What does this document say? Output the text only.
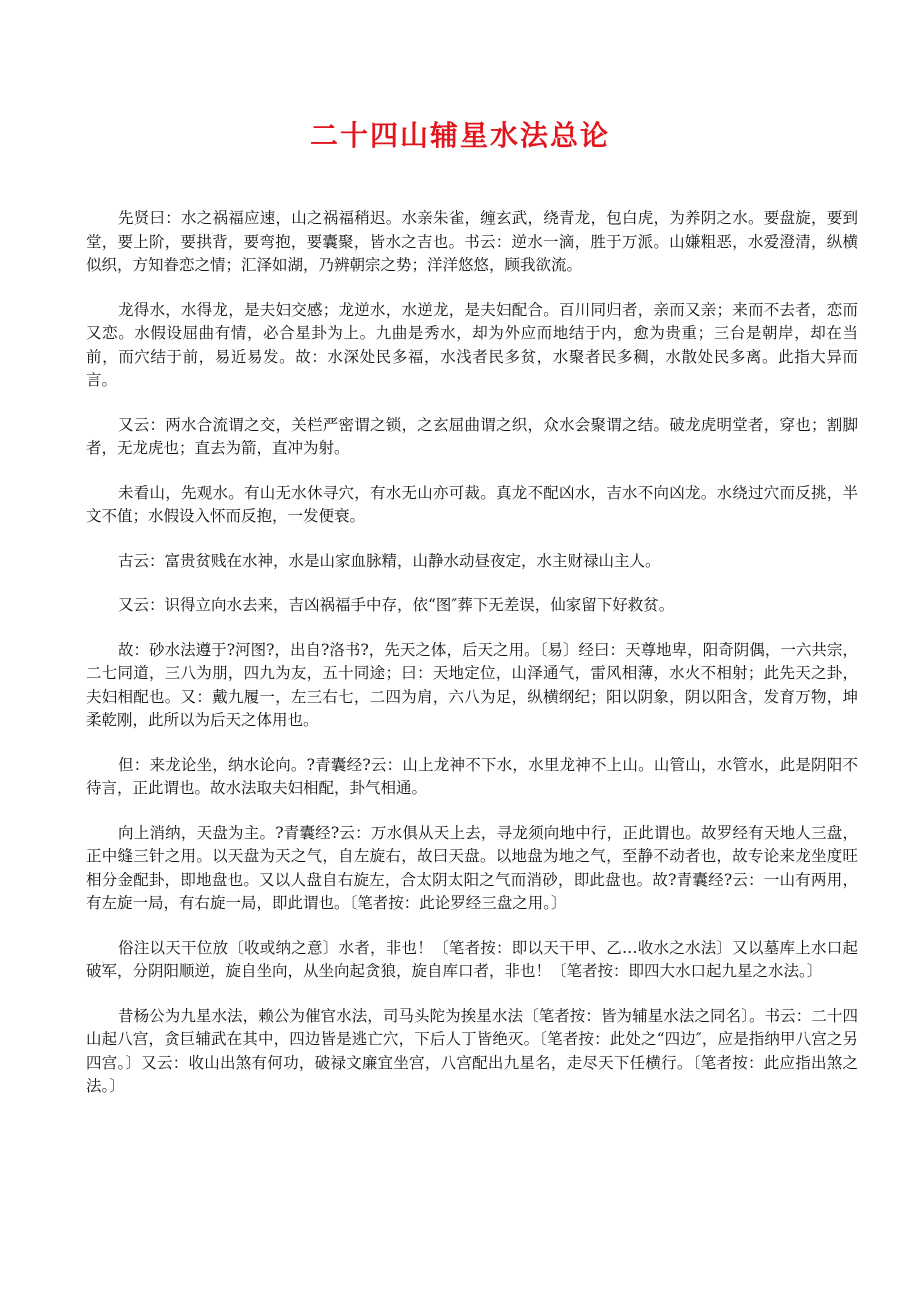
二十四山辅星水法总论

先贤曰：水之祸福应速，山之祸福稍迟。水亲朱雀，缠玄武，绕青龙，包白虎，为养阴之水。要盘旋，要到堂，要上阶，要拱背，要弯抱，要囊聚，皆水之吉也。书云：逆水一滴，胜于万派。山嫌粗恶，水爱澄清，纵横似织，方知眷恋之情；汇泽如湖，乃辨朝宗之势；洋洋悠悠，顾我欲流。

龙得水，水得龙，是夫妇交感；龙逆水，水逆龙，是夫妇配合。百川同归者，亲而又亲；来而不去者，恋而又恋。水假设屈曲有情，必合星卦为上。九曲是秀水，却为外应而地结于内，愈为贵重；三台是朝岸，却在当前，而穴结于前，易近易发。故：水深处民多福，水浅者民多贫，水聚者民多稠，水散处民多离。此指大异而言。

又云：两水合流谓之交，关栏严密谓之锁，之玄屈曲谓之织，众水会聚谓之结。破龙虎明堂者，穿也；割脚者，无龙虎也；直去为箭，直冲为射。

未看山，先观水。有山无水休寻穴，有水无山亦可裁。真龙不配凶水，吉水不向凶龙。水绕过穴而反挑，半文不值；水假设入怀而反抱，一发便衰。

古云：富贵贫贱在水神，水是山家血脉精，山静水动昼夜定，水主财禄山主人。

又云：识得立向水去来，吉凶祸福手中存，依“图″葬下无差误，仙家留下好救贫。

故：砂水法遵于?河图?，出自?洛书?，先天之体，后天之用。〔易〕经曰：天尊地卑，阳奇阴偶，一六共宗，二七同道，三八为朋，四九为友，五十同途；曰：天地定位，山泽通气，雷风相薄，水火不相射；此先天之卦，夫妇相配也。又：戴九履一，左三右七，二四为肩，六八为足，纵横纲纪；阳以阴象，阴以阳含，发育万物，坤柔乾刚，此所以为后天之体用也。

但：来龙论坐，纳水论向。?青囊经?云：山上龙神不下水，水里龙神不上山。山管山，水管水，此是阴阳不待言，正此谓也。故水法取夫妇相配，卦气相通。

向上消纳，天盘为主。?青囊经?云：万水俱从天上去，寻龙须向地中行，正此谓也。故罗经有天地人三盘，正中缝三针之用。以天盘为天之气，自左旋右，故曰天盘。以地盘为地之气，至静不动者也，故专论来龙坐度旺相分金配卦，即地盘也。又以人盘自右旋左，合太阴太阳之气而消砂，即此盘也。故?青囊经?云：一山有两用，有左旋一局，有右旋一局，即此谓也。〔笔者按：此论罗经三盘之用。〕

俗注以天干位放〔收或纳之意〕水者，非也！〔笔者按：即以天干甲、乙…收水之水法〕又以墓库上水口起破军，分阴阳顺逆，旋自坐向，从坐向起贪狼，旋自库口者，非也！〔笔者按：即四大水口起九星之水法。〕

昔杨公为九星水法，赖公为催官水法，司马头陀为挨星水法〔笔者按：皆为辅星水法之同名〕。书云：二十四山起八宫，贪巨辅武在其中，四边皆是逃亡穴，下后人丁皆绝灭。〔笔者按：此处之“四边″，应是指纳甲八宫之另四宫。〕又云：收山出煞有何功，破禄文廉宜坐宫，八宫配出九星名，走尽天下任横行。〔笔者按：此应指出煞之法。〕
